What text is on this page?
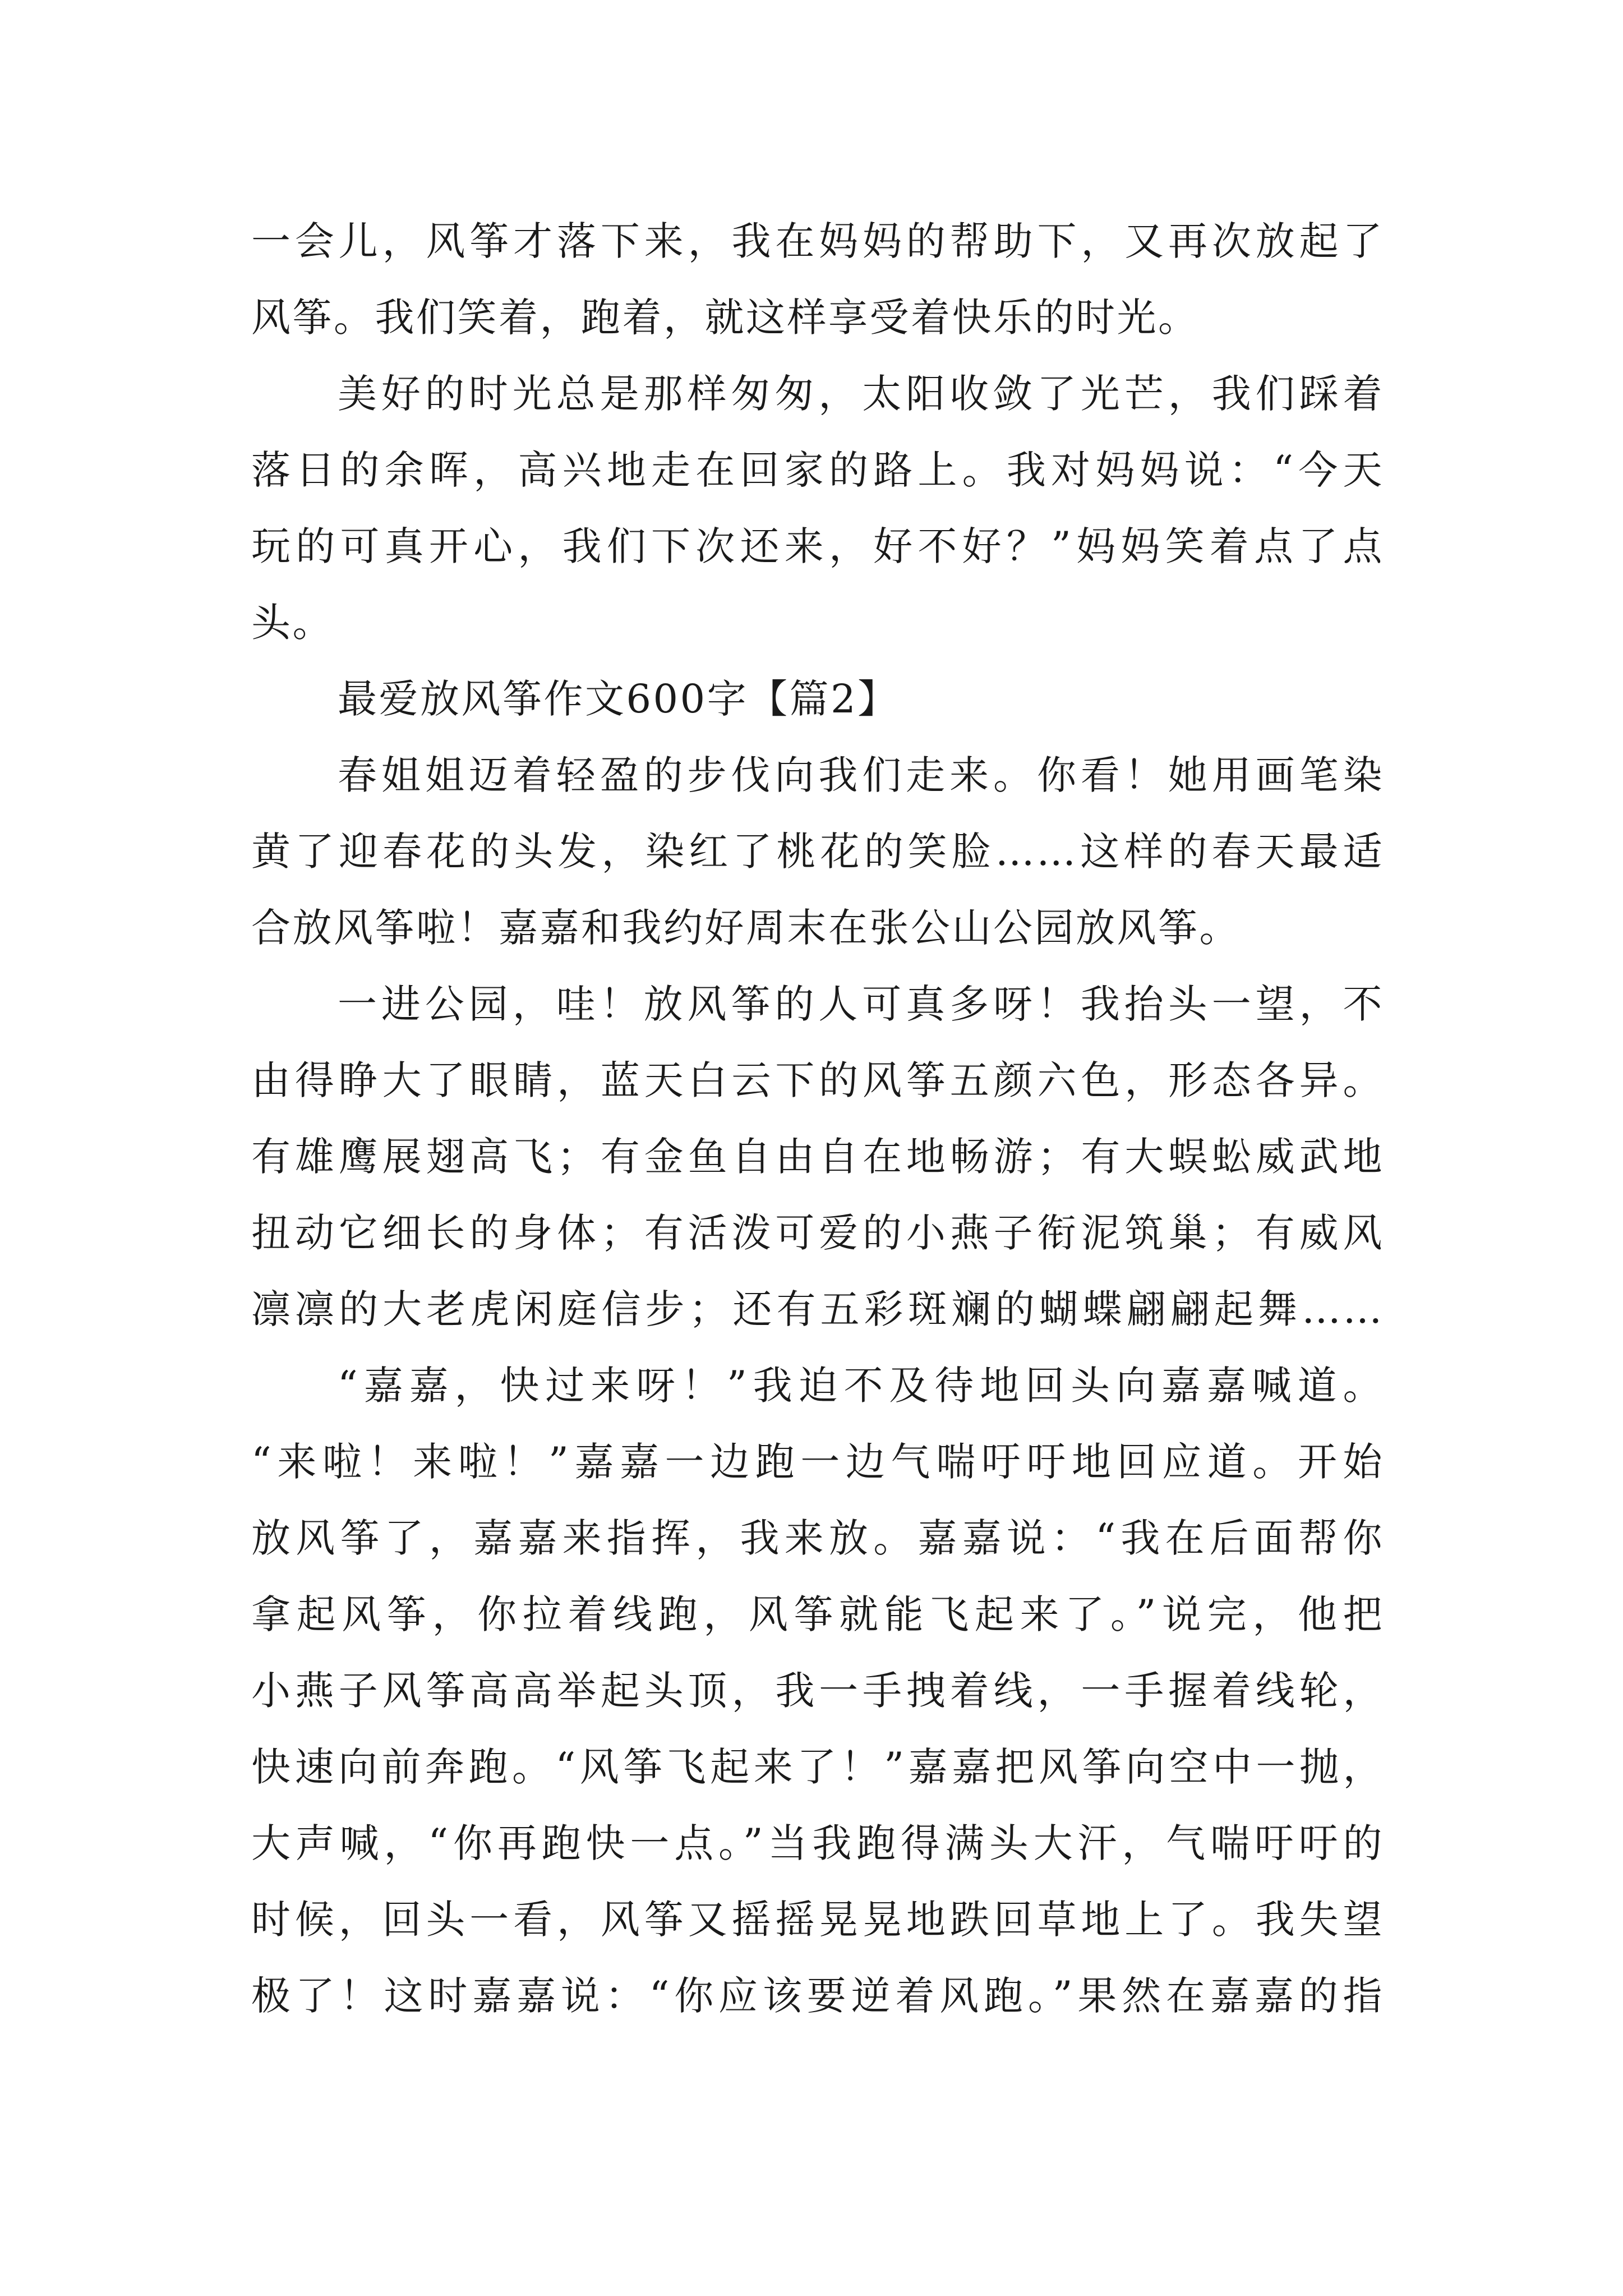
一会儿，风筝才落下来，我在妈妈的帮助下，又再次放起了
风筝。我们笑着，跑着，就这样享受着快乐的时光。
美好的时光总是那样匆匆，太阳收敛了光芒，我们踩着
落日的余晖，高兴地走在回家的路上。我对妈妈说：“今天
玩的可真开心，我们下次还来，好不好？”妈妈笑着点了点
头。
最爱放风筝作文600字【篇2】
春姐姐迈着轻盈的步伐向我们走来。你看！她用画笔染
黄了迎春花的头发，染红了桃花的笑脸……这样的春天最适
合放风筝啦！嘉嘉和我约好周末在张公山公园放风筝。
一进公园，哇！放风筝的人可真多呀！我抬头一望，不
由得睁大了眼睛，蓝天白云下的风筝五颜六色，形态各异。
有雄鹰展翅高飞；有金鱼自由自在地畅游；有大蜈蚣威武地
扭动它细长的身体；有活泼可爱的小燕子衔泥筑巢；有威风
凛凛的大老虎闲庭信步；还有五彩斑斓的蝴蝶翩翩起舞……
“嘉嘉，快过来呀！”我迫不及待地回头向嘉嘉喊道。
“来啦！来啦！”嘉嘉一边跑一边气喘吁吁地回应道。开始
放风筝了，嘉嘉来指挥，我来放。嘉嘉说：“我在后面帮你
拿起风筝，你拉着线跑，风筝就能飞起来了。”说完，他把
小燕子风筝高高举起头顶，我一手拽着线，一手握着线轮，
快速向前奔跑。“风筝飞起来了！”嘉嘉把风筝向空中一抛，
大声喊，“你再跑快一点。”当我跑得满头大汗，气喘吁吁的
时候，回头一看，风筝又摇摇晃晃地跌回草地上了。我失望
极了！这时嘉嘉说：“你应该要逆着风跑。”果然在嘉嘉的指
